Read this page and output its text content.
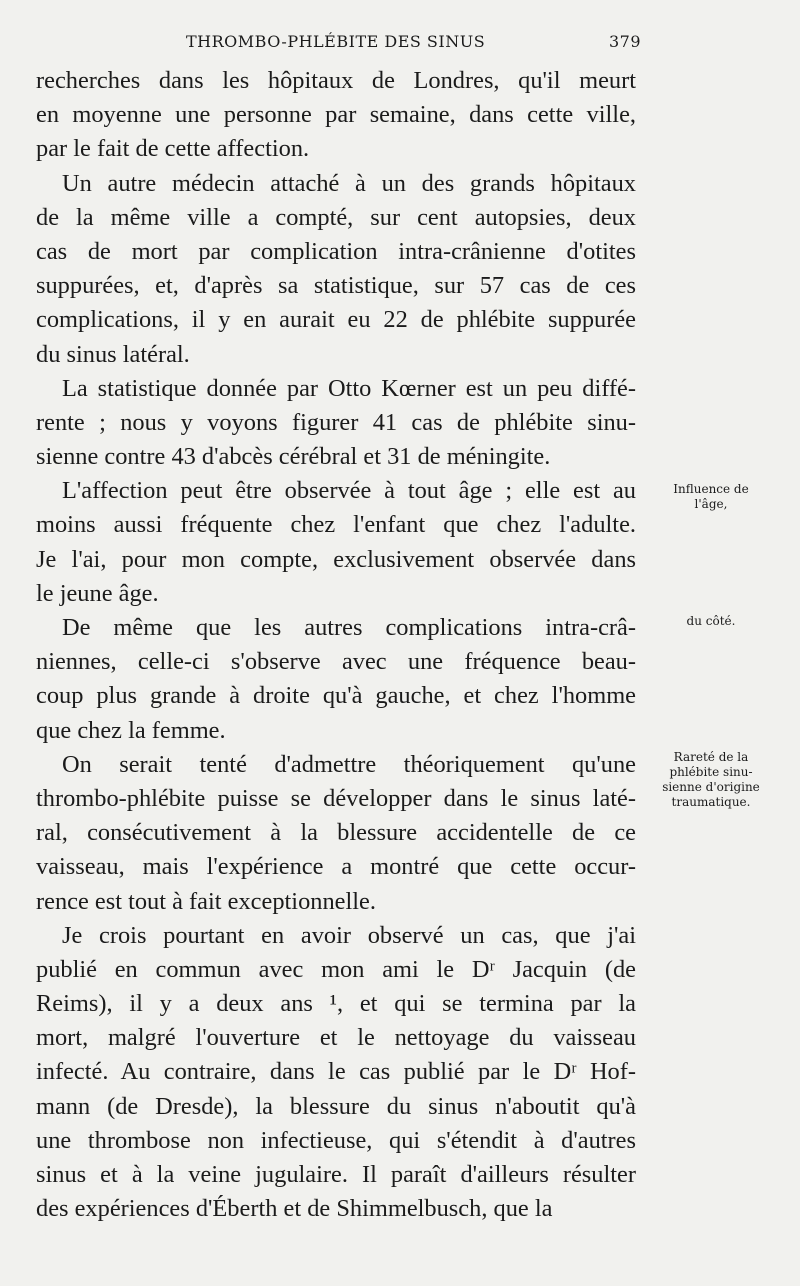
THROMBO-PHLÉBITE DES SINUS	379
recherches dans les hôpitaux de Londres, qu'il meurt
en moyenne une personne par semaine, dans cette ville,
par le fait de cette affection.
Un autre médecin attaché à un des grands hôpitaux
de la même ville a compté, sur cent autopsies, deux
cas de mort par complication intra-crânienne d'otites
suppurées, et, d'après sa statistique, sur 57 cas de ces
complications, il y en aurait eu 22 de phlébite suppurée
du sinus latéral.
La statistique donnée par Otto Kœrner est un peu diffé-
rente ; nous y voyons figurer 41 cas de phlébite sinu-
sienne contre 43 d'abcès cérébral et 31 de méningite.
L'affection peut être observée à tout âge ; elle est au
moins aussi fréquente chez l'enfant que chez l'adulte.
Je l'ai, pour mon compte, exclusivement observée dans
le jeune âge.
De même que les autres complications intra-crâ-
niennes, celle-ci s'observe avec une fréquence beau-
coup plus grande à droite qu'à gauche, et chez l'homme
que chez la femme.
On serait tenté d'admettre théoriquement qu'une
thrombo-phlébite puisse se développer dans le sinus laté-
ral, consécutivement à la blessure accidentelle de ce
vaisseau, mais l'expérience a montré que cette occur-
rence est tout à fait exceptionnelle.
Je crois pourtant en avoir observé un cas, que j'ai
publié en commun avec mon ami le Dʳ Jacquin (de
Reims), il y a deux ans ¹, et qui se termina par la
mort, malgré l'ouverture et le nettoyage du vaisseau
infecté. Au contraire, dans le cas publié par le Dʳ Hof-
mann (de Dresde), la blessure du sinus n'aboutit qu'à
une thrombose non infectieuse, qui s'étendit à d'autres
sinus et à la veine jugulaire. Il paraît d'ailleurs résulter
des expériences d'Éberth et de Shimmelbusch, que la
Influence de
l'âge,
du côté.
Rareté de la
phlébite sinu-
sienne d'origine
traumatique.
